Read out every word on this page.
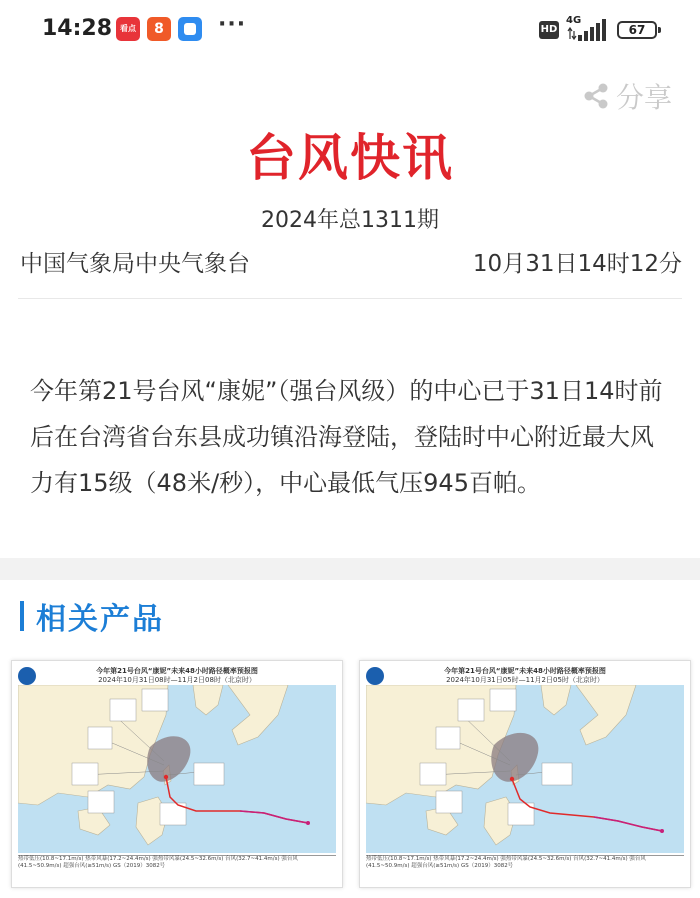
14:28 看点	8	···	HD
4G
67
分享
台风快讯
2024年总1311期
中国气象局中央气象台	10月31日14时12分
今年第21号台风“康妮”（强台风级）的中心已于31日14时前后在台湾省台东县成功镇沿海登陆，登陆时中心附近最大风力有15级（48米/秒），中心最低气压945百帕。
相关产品
今年第21号台风“康妮”未来48小时路径概率预报图
2024年10月31日08时—11月2日08时（北京时）
热带低压(10.8~17.1m/s) 热带风暴(17.2~24.4m/s) 强热带风暴(24.5~32.6m/s) 台风(32.7~41.4m/s) 强台风(41.5~50.9m/s) 超强台风(≥51m/s) GS（2019）3082号
今年第21号台风“康妮”未来48小时路径概率预报图
2024年10月31日05时—11月2日05时（北京时）
热带低压(10.8~17.1m/s) 热带风暴(17.2~24.4m/s) 强热带风暴(24.5~32.6m/s) 台风(32.7~41.4m/s) 强台风(41.5~50.9m/s) 超强台风(≥51m/s) GS（2019）3082号
